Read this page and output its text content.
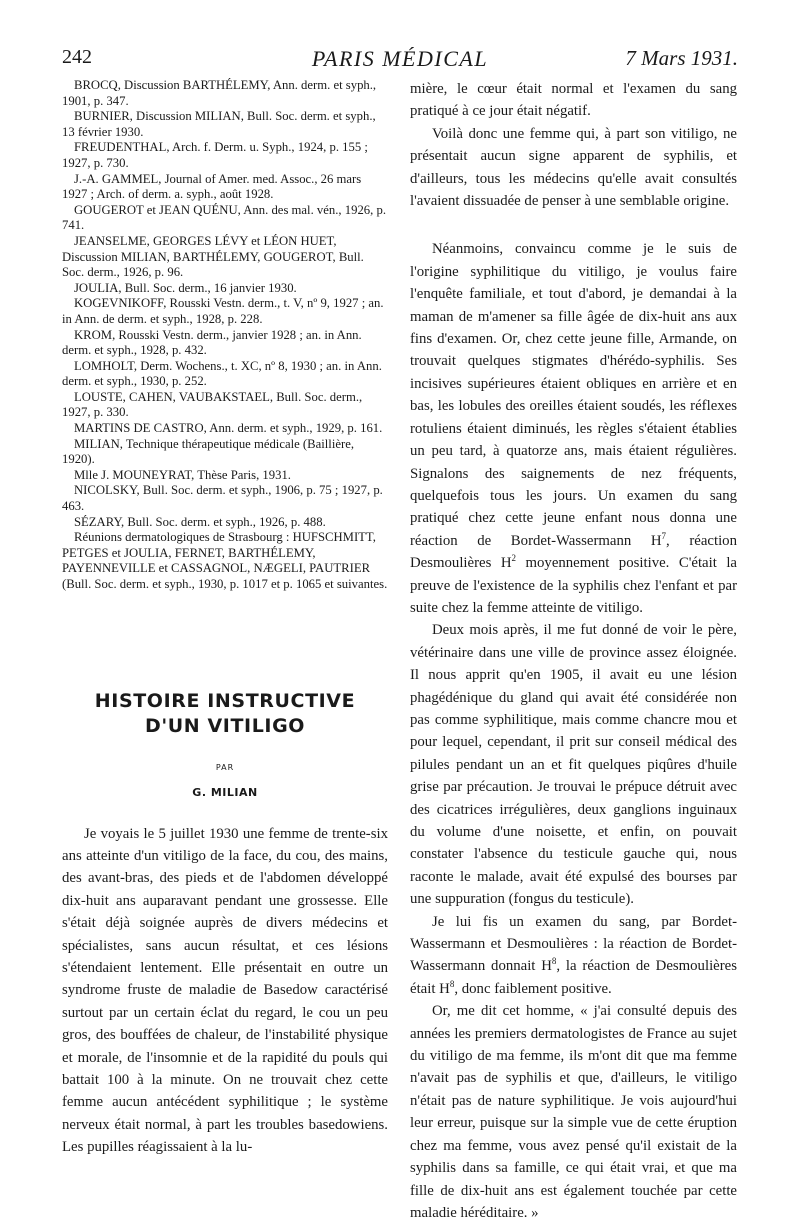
242	PARIS MÉDICAL	7 Mars 1931.

BROCQ, Discussion BARTHÉLEMY, Ann. derm. et syph., 1901, p. 347.

BURNIER, Discussion MILIAN, Bull. Soc. derm. et syph., 13 février 1930.

FREUDENTHAL, Arch. f. Derm. u. Syph., 1924, p. 155 ; 1927, p. 730.

J.-A. GAMMEL, Journal of Amer. med. Assoc., 26 mars 1927 ; Arch. of derm. a. syph., août 1928.

GOUGEROT et JEAN QUÉNU, Ann. des mal. vén., 1926, p. 741.

JEANSELME, GEORGES LÉVY et LÉON HUET, Discussion MILIAN, BARTHÉLEMY, GOUGEROT, Bull. Soc. derm., 1926, p. 96.

JOULIA, Bull. Soc. derm., 16 janvier 1930.

KOGEVNIKOFF, Rousski Vestn. derm., t. V, nº 9, 1927 ; an. in Ann. de derm. et syph., 1928, p. 228.

KROM, Rousski Vestn. derm., janvier 1928 ; an. in Ann. derm. et syph., 1928, p. 432.

LOMHOLT, Derm. Wochens., t. XC, nº 8, 1930 ; an. in Ann. derm. et syph., 1930, p. 252.

LOUSTE, CAHEN, VAUBAKSTAEL, Bull. Soc. derm., 1927, p. 330.

MARTINS DE CASTRO, Ann. derm. et syph., 1929, p. 161.

MILIAN, Technique thérapeutique médicale (Baillière, 1920).

Mlle J. MOUNEYRAT, Thèse Paris, 1931.

NICOLSKY, Bull. Soc. derm. et syph., 1906, p. 75 ; 1927, p. 463.

SÉZARY, Bull. Soc. derm. et syph., 1926, p. 488.

Réunions dermatologiques de Strasbourg : HUFSCHMITT, PETGES et JOULIA, FERNET, BARTHÉLEMY, PAYENNEVILLE et CASSAGNOL, NÆGELI, PAUTRIER (Bull. Soc. derm. et syph., 1930, p. 1017 et p. 1065 et suivantes.

HISTOIRE INSTRUCTIVE
D'UN VITILIGO
PAR
G. MILIAN

Je voyais le 5 juillet 1930 une femme de trente-six ans atteinte d'un vitiligo de la face, du cou, des mains, des avant-bras, des pieds et de l'abdomen développé dix-huit ans auparavant pendant une grossesse. Elle s'était déjà soignée auprès de divers médecins et spécialistes, sans aucun résultat, et ces lésions s'étendaient lentement. Elle présentait en outre un syndrome fruste de maladie de Basedow caractérisé surtout par un certain éclat du regard, le cou un peu gros, des bouffées de chaleur, de l'instabilité physique et morale, de l'insomnie et de la rapidité du pouls qui battait 100 à la minute. On ne trouvait chez cette femme aucun antécédent syphilitique ; le système nerveux était normal, à part les troubles basedowiens. Les pupilles réagissaient à la lu-

mière, le cœur était normal et l'examen du sang pratiqué à ce jour était négatif.

Voilà donc une femme qui, à part son vitiligo, ne présentait aucun signe apparent de syphilis, et d'ailleurs, tous les médecins qu'elle avait consultés l'avaient dissuadée de penser à une semblable origine.

Néanmoins, convaincu comme je le suis de l'origine syphilitique du vitiligo, je voulus faire l'enquête familiale, et tout d'abord, je demandai à la maman de m'amener sa fille âgée de dix-huit ans aux fins d'examen. Or, chez cette jeune fille, Armande, on trouvait quelques stigmates d'hérédo-syphilis. Ses incisives supérieures étaient obliques en arrière et en bas, les lobules des oreilles étaient soudés, les réflexes rotuliens étaient diminués, les règles s'étaient établies un peu tard, à quatorze ans, mais étaient régulières. Signalons des saignements de nez fréquents, quelquefois tous les jours. Un examen du sang pratiqué chez cette jeune enfant nous donna une réaction de Bordet-Wassermann $H^7$, réaction Desmoulières $H^2$ moyennement positive. C'était la preuve de l'existence de la syphilis chez l'enfant et par suite chez la femme atteinte de vitiligo.

Deux mois après, il me fut donné de voir le père, vétérinaire dans une ville de province assez éloignée. Il nous apprit qu'en 1905, il avait eu une lésion phagédénique du gland qui avait été considérée non pas comme syphilitique, mais comme chancre mou et pour lequel, cependant, il prit sur conseil médical des pilules pendant un an et fit quelques piqûres d'huile grise par précaution. Je trouvai le prépuce détruit avec des cicatrices irrégulières, deux ganglions inguinaux du volume d'une noisette, et enfin, on pouvait constater l'absence du testicule gauche qui, nous raconte le malade, avait été expulsé des bourses par une suppuration (fongus du testicule).

Je lui fis un examen du sang, par Bordet-Wassermann et Desmoulières : la réaction de Bordet-Wassermann donnait $H^8$, la réaction de Desmoulières était $H^8$, donc faiblement positive.

Or, me dit cet homme, « j'ai consulté depuis des années les premiers dermatologistes de France au sujet du vitiligo de ma femme, ils m'ont dit que ma femme n'avait pas de syphilis et que, d'ailleurs, le vitiligo n'était pas de nature syphilitique. Je vois aujourd'hui leur erreur, puisque sur la simple vue de cette éruption chez ma femme, vous avez pensé qu'il existait de la syphilis dans sa famille, ce qui était vrai, et que ma fille de dix-huit ans est également touchée par cette maladie héréditaire. »
